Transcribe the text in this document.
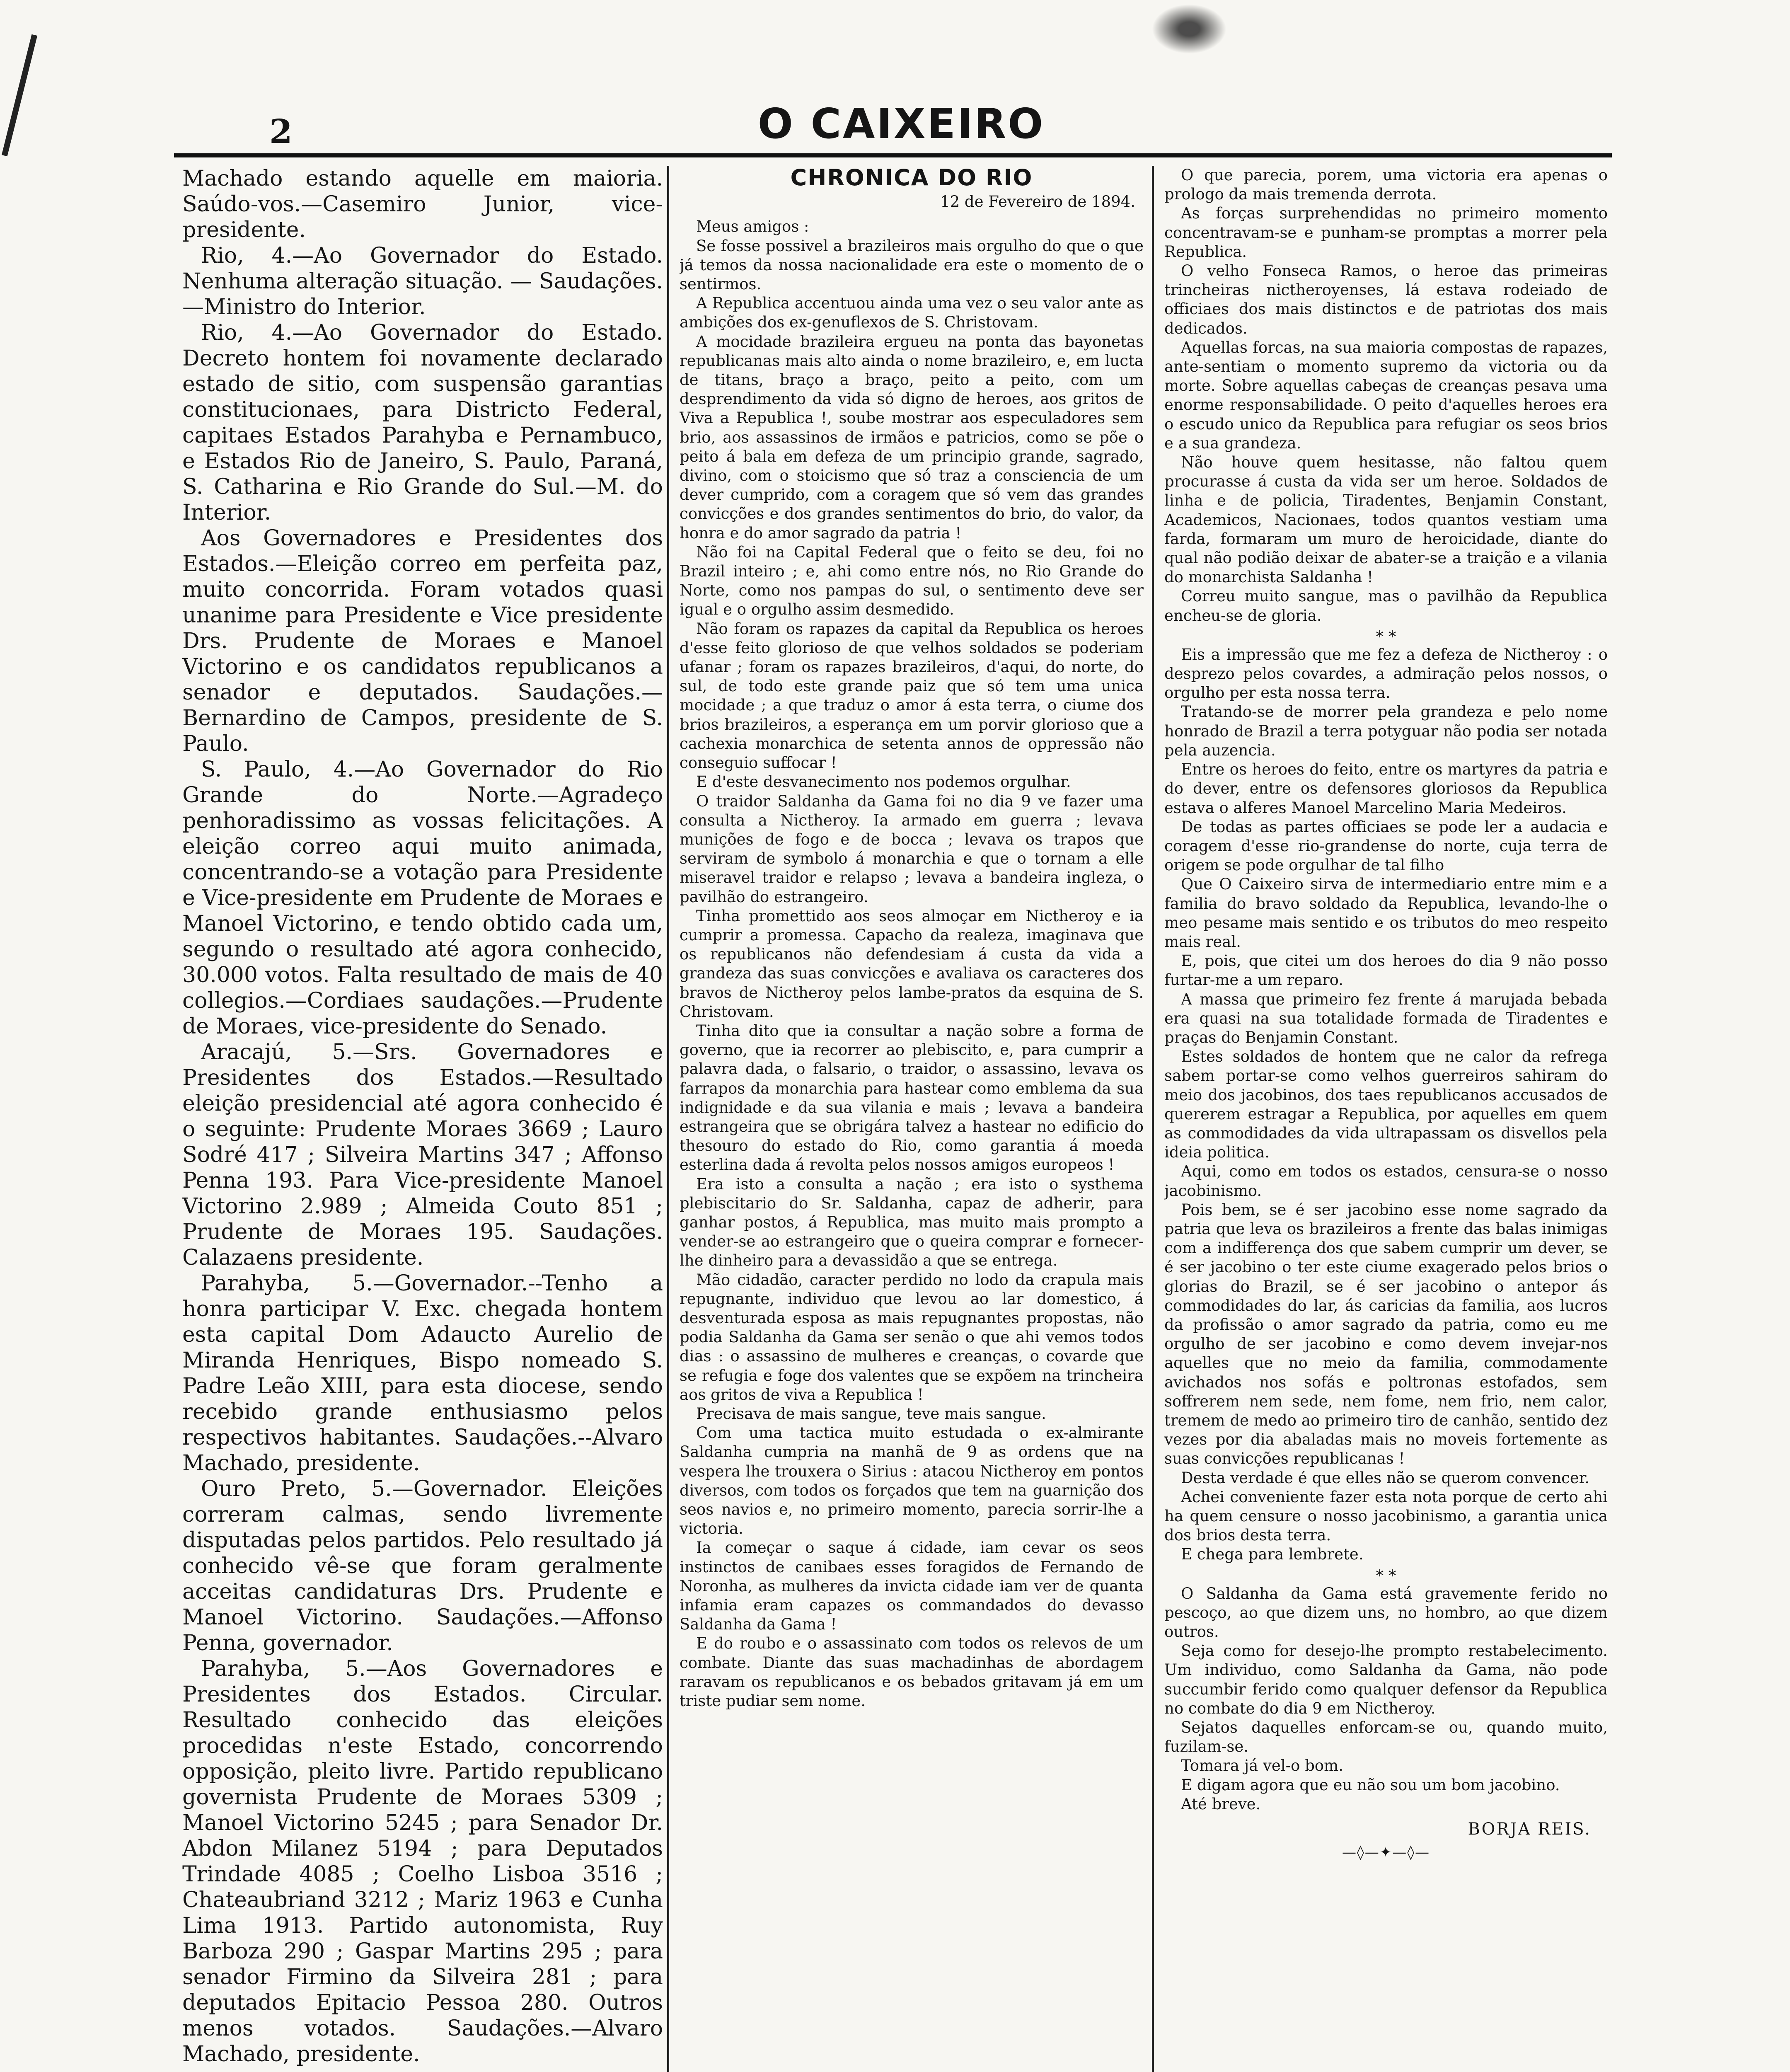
2	O CAIXEIRO

Machado estando aquelle em maioria. Saúdo-vos.—Casemiro Junior, vice-presidente.

Rio, 4.—Ao Governador do Estado. Nenhuma alteração situação. — Saudações.—Ministro do Interior.

Rio, 4.—Ao Governador do Estado. Decreto hontem foi novamente declarado estado de sitio, com suspensão garantias constitucionaes, para Districto Federal, capitaes Estados Parahyba e Pernambuco, e Estados Rio de Janeiro, S. Paulo, Paraná, S. Catharina e Rio Grande do Sul.—M. do Interior.

Aos Governadores e Presidentes dos Estados.—Eleição correo em perfeita paz, muito concorrida. Foram votados quasi unanime para Presidente e Vice presidente Drs. Prudente de Moraes e Manoel Victorino e os candidatos republicanos a senador e deputados. Saudações.—Bernardino de Campos, presidente de S. Paulo.

S. Paulo, 4.—Ao Governador do Rio Grande do Norte.—Agradeço penhoradissimo as vossas felicitações. A eleição correo aqui muito animada, concentrando-se a votação para Presidente e Vice-presidente em Prudente de Moraes e Manoel Victorino, e tendo obtido cada um, segundo o resultado até agora conhecido, 30.000 votos. Falta resultado de mais de 40 collegios.—Cordiaes saudações.—Prudente de Moraes, vice-presidente do Senado.

Aracajú, 5.—Srs. Governadores e Presidentes dos Estados.—Resultado eleição presidencial até agora conhecido é o seguinte: Prudente Moraes 3669 ; Lauro Sodré 417 ; Silveira Martins 347 ; Affonso Penna 193. Para Vice-presidente Manoel Victorino 2.989 ; Almeida Couto 851 ; Prudente de Moraes 195. Saudações. Calazaens presidente.

Parahyba, 5.—Governador.--Tenho a honra participar V. Exc. chegada hontem esta capital Dom Adaucto Aurelio de Miranda Henriques, Bispo nomeado S. Padre Leão XIII, para esta diocese, sendo recebido grande enthusiasmo pelos respectivos habitantes. Saudações.--Alvaro Machado, presidente.

Ouro Preto, 5.—Governador. Eleições correram calmas, sendo livremente disputadas pelos partidos. Pelo resultado já conhecido vê-se que foram geralmente acceitas candidaturas Drs. Prudente e Manoel Victorino. Saudações.—Affonso Penna, governador.

Parahyba, 5.—Aos Governadores e Presidentes dos Estados. Circular. Resultado conhecido das eleições procedidas n'este Estado, concorrendo opposição, pleito livre. Partido republicano governista Prudente de Moraes 5309 ; Manoel Victorino 5245 ; para Senador Dr. Abdon Milanez 5194 ; para Deputados Trindade 4085 ; Coelho Lisboa 3516 ; Chateaubriand 3212 ; Mariz 1963 e Cunha Lima 1913. Partido autonomista, Ruy Barboza 290 ; Gaspar Martins 295 ; para senador Firmino da Silveira 281 ; para deputados Epitacio Pessoa 280. Outros menos votados. Saudações.—Alvaro Machado, presidente.

CHRONICA DO RIO
12 de Fevereiro de 1894.

Meus amigos :

Se fosse possivel a brazileiros mais orgulho do que o que já temos da nossa nacionalidade era este o momento de o sentirmos.

A Republica accentuou ainda uma vez o seu valor ante as ambições dos ex-genuflexos de S. Christovam.

A mocidade brazileira ergueu na ponta das bayonetas republicanas mais alto ainda o nome brazileiro, e, em lucta de titans, braço a braço, peito a peito, com um desprendimento da vida só digno de heroes, aos gritos de Viva a Republica !, soube mostrar aos especuladores sem brio, aos assassinos de irmãos e patricios, como se põe o peito á bala em defeza de um principio grande, sagrado, divino, com o stoicismo que só traz a consciencia de um dever cumprido, com a coragem que só vem das grandes convicções e dos grandes sentimentos do brio, do valor, da honra e do amor sagrado da patria !

Não foi na Capital Federal que o feito se deu, foi no Brazil inteiro ; e, ahi como entre nós, no Rio Grande do Norte, como nos pampas do sul, o sentimento deve ser igual e o orgulho assim desmedido.

Não foram os rapazes da capital da Republica os heroes d'esse feito glorioso de que velhos soldados se poderiam ufanar ; foram os rapazes brazileiros, d'aqui, do norte, do sul, de todo este grande paiz que só tem uma unica mocidade ; a que traduz o amor á esta terra, o ciume dos brios brazileiros, a esperança em um porvir glorioso que a cachexia monarchica de setenta annos de oppressão não conseguio suffocar !

E d'este desvanecimento nos podemos orgulhar.

O traidor Saldanha da Gama foi no dia 9 ve fazer uma consulta a Nictheroy. Ia armado em guerra ; levava munições de fogo e de bocca ; levava os trapos que serviram de symbolo á monarchia e que o tornam a elle miseravel traidor e relapso ; levava a bandeira ingleza, o pavilhão do estrangeiro.

Tinha promettido aos seos almoçar em Nictheroy e ia cumprir a promessa. Capacho da realeza, imaginava que os republicanos não defendesiam á custa da vida a grandeza das suas convicções e avaliava os caracteres dos bravos de Nictheroy pelos lambe-pratos da esquina de S. Christovam.

Tinha dito que ia consultar a nação sobre a forma de governo, que ia recorrer ao plebiscito, e, para cumprir a palavra dada, o falsario, o traidor, o assassino, levava os farrapos da monarchia para hastear como emblema da sua indignidade e da sua vilania e mais ; levava a bandeira estrangeira que se obrigára talvez a hastear no edificio do thesouro do estado do Rio, como garantia á moeda esterlina dada á revolta pelos nossos amigos europeos !

Era isto a consulta a nação ; era isto o systhema plebiscitario do Sr. Saldanha, capaz de adherir, para ganhar postos, á Republica, mas muito mais prompto a vender-se ao estrangeiro que o queira comprar e fornecer-lhe dinheiro para a devassidão a que se entrega.

Mão cidadão, caracter perdido no lodo da crapula mais repugnante, individuo que levou ao lar domestico, á desventurada esposa as mais repugnantes propostas, não podia Saldanha da Gama ser senão o que ahi vemos todos dias : o assassino de mulheres e creanças, o covarde que se refugia e foge dos valentes que se expõem na trincheira aos gritos de viva a Republica !

Precisava de mais sangue, teve mais sangue.

Com uma tactica muito estudada o ex-almirante Saldanha cumpria na manhã de 9 as ordens que na vespera lhe trouxera o Sirius : atacou Nictheroy em pontos diversos, com todos os forçados que tem na guarnição dos seos navios e, no primeiro momento, parecia sorrir-lhe a victoria.

Ia começar o saque á cidade, iam cevar os seos instinctos de canibaes esses foragidos de Fernando de Noronha, as mulheres da invicta cidade iam ver de quanta infamia eram capazes os commandados do devasso Saldanha da Gama !

E do roubo e o assassinato com todos os relevos de um combate. Diante das suas machadinhas de abordagem raravam os republicanos e os bebados gritavam já em um triste pudiar sem nome.

O que parecia, porem, uma victoria era apenas o prologo da mais tremenda derrota.

As forças surprehendidas no primeiro momento concentravam-se e punham-se promptas a morrer pela Republica.

O velho Fonseca Ramos, o heroe das primeiras trincheiras nictheroyenses, lá estava rodeiado de officiaes dos mais distinctos e de patriotas dos mais dedicados.

Aquellas forcas, na sua maioria compostas de rapazes, ante-sentiam o momento supremo da victoria ou da morte. Sobre aquellas cabeças de creanças pesava uma enorme responsabilidade. O peito d'aquelles heroes era o escudo unico da Republica para refugiar os seos brios e a sua grandeza.

Não houve quem hesitasse, não faltou quem procurasse á custa da vida ser um heroe. Soldados de linha e de policia, Tiradentes, Benjamin Constant, Academicos, Nacionaes, todos quantos vestiam uma farda, formaram um muro de heroicidade, diante do qual não podião deixar de abater-se a traição e a vilania do monarchista Saldanha !

Correu muito sangue, mas o pavilhão da Republica encheu-se de gloria.

* *

Eis a impressão que me fez a defeza de Nictheroy : o desprezo pelos covardes, a admiração pelos nossos, o orgulho per esta nossa terra.

Tratando-se de morrer pela grandeza e pelo nome honrado de Brazil a terra potyguar não podia ser notada pela auzencia.

Entre os heroes do feito, entre os martyres da patria e do dever, entre os defensores gloriosos da Republica estava o alferes Manoel Marcelino Maria Medeiros.

De todas as partes officiaes se pode ler a audacia e coragem d'esse rio-grandense do norte, cuja terra de origem se pode orgulhar de tal filho

Que O Caixeiro sirva de intermediario entre mim e a familia do bravo soldado da Republica, levando-lhe o meo pesame mais sentido e os tributos do meo respeito mais real.

E, pois, que citei um dos heroes do dia 9 não posso furtar-me a um reparo.

A massa que primeiro fez frente á marujada bebada era quasi na sua totalidade formada de Tiradentes e praças do Benjamin Constant.

Estes soldados de hontem que ne calor da refrega sabem portar-se como velhos guerreiros sahiram do meio dos jacobinos, dos taes republicanos accusados de quererem estragar a Republica, por aquelles em quem as commodidades da vida ultrapassam os disvellos pela ideia politica.

Aqui, como em todos os estados, censura-se o nosso jacobinismo.

Pois bem, se é ser jacobino esse nome sagrado da patria que leva os brazileiros a frente das balas inimigas com a indifferença dos que sabem cumprir um dever, se é ser jacobino o ter este ciume exagerado pelos brios o glorias do Brazil, se é ser jacobino o antepor ás commodidades do lar, ás caricias da familia, aos lucros da profissão o amor sagrado da patria, como eu me orgulho de ser jacobino e como devem invejar-nos aquelles que no meio da familia, commodamente avichados nos sofás e poltronas estofados, sem soffrerem nem sede, nem fome, nem frio, nem calor, tremem de medo ao primeiro tiro de canhão, sentido dez vezes por dia abaladas mais no moveis fortemente as suas convicções republicanas !

Desta verdade é que elles não se querom convencer.

Achei conveniente fazer esta nota porque de certo ahi ha quem censure o nosso jacobinismo, a garantia unica dos brios desta terra.

E chega para lembrete.

* *

O Saldanha da Gama está gravemente ferido no pescoço, ao que dizem uns, no hombro, ao que dizem outros.

Seja como for desejo-lhe prompto restabelecimento. Um individuo, como Saldanha da Gama, não pode succumbir ferido como qualquer defensor da Republica no combate do dia 9 em Nictheroy.

Sejatos daquelles enforcam-se ou, quando muito, fuzilam-se.

Tomara já vel-o bom.

E digam agora que eu não sou um bom jacobino.

Até breve.

BORJA REIS.
—◊—✦—◊—
